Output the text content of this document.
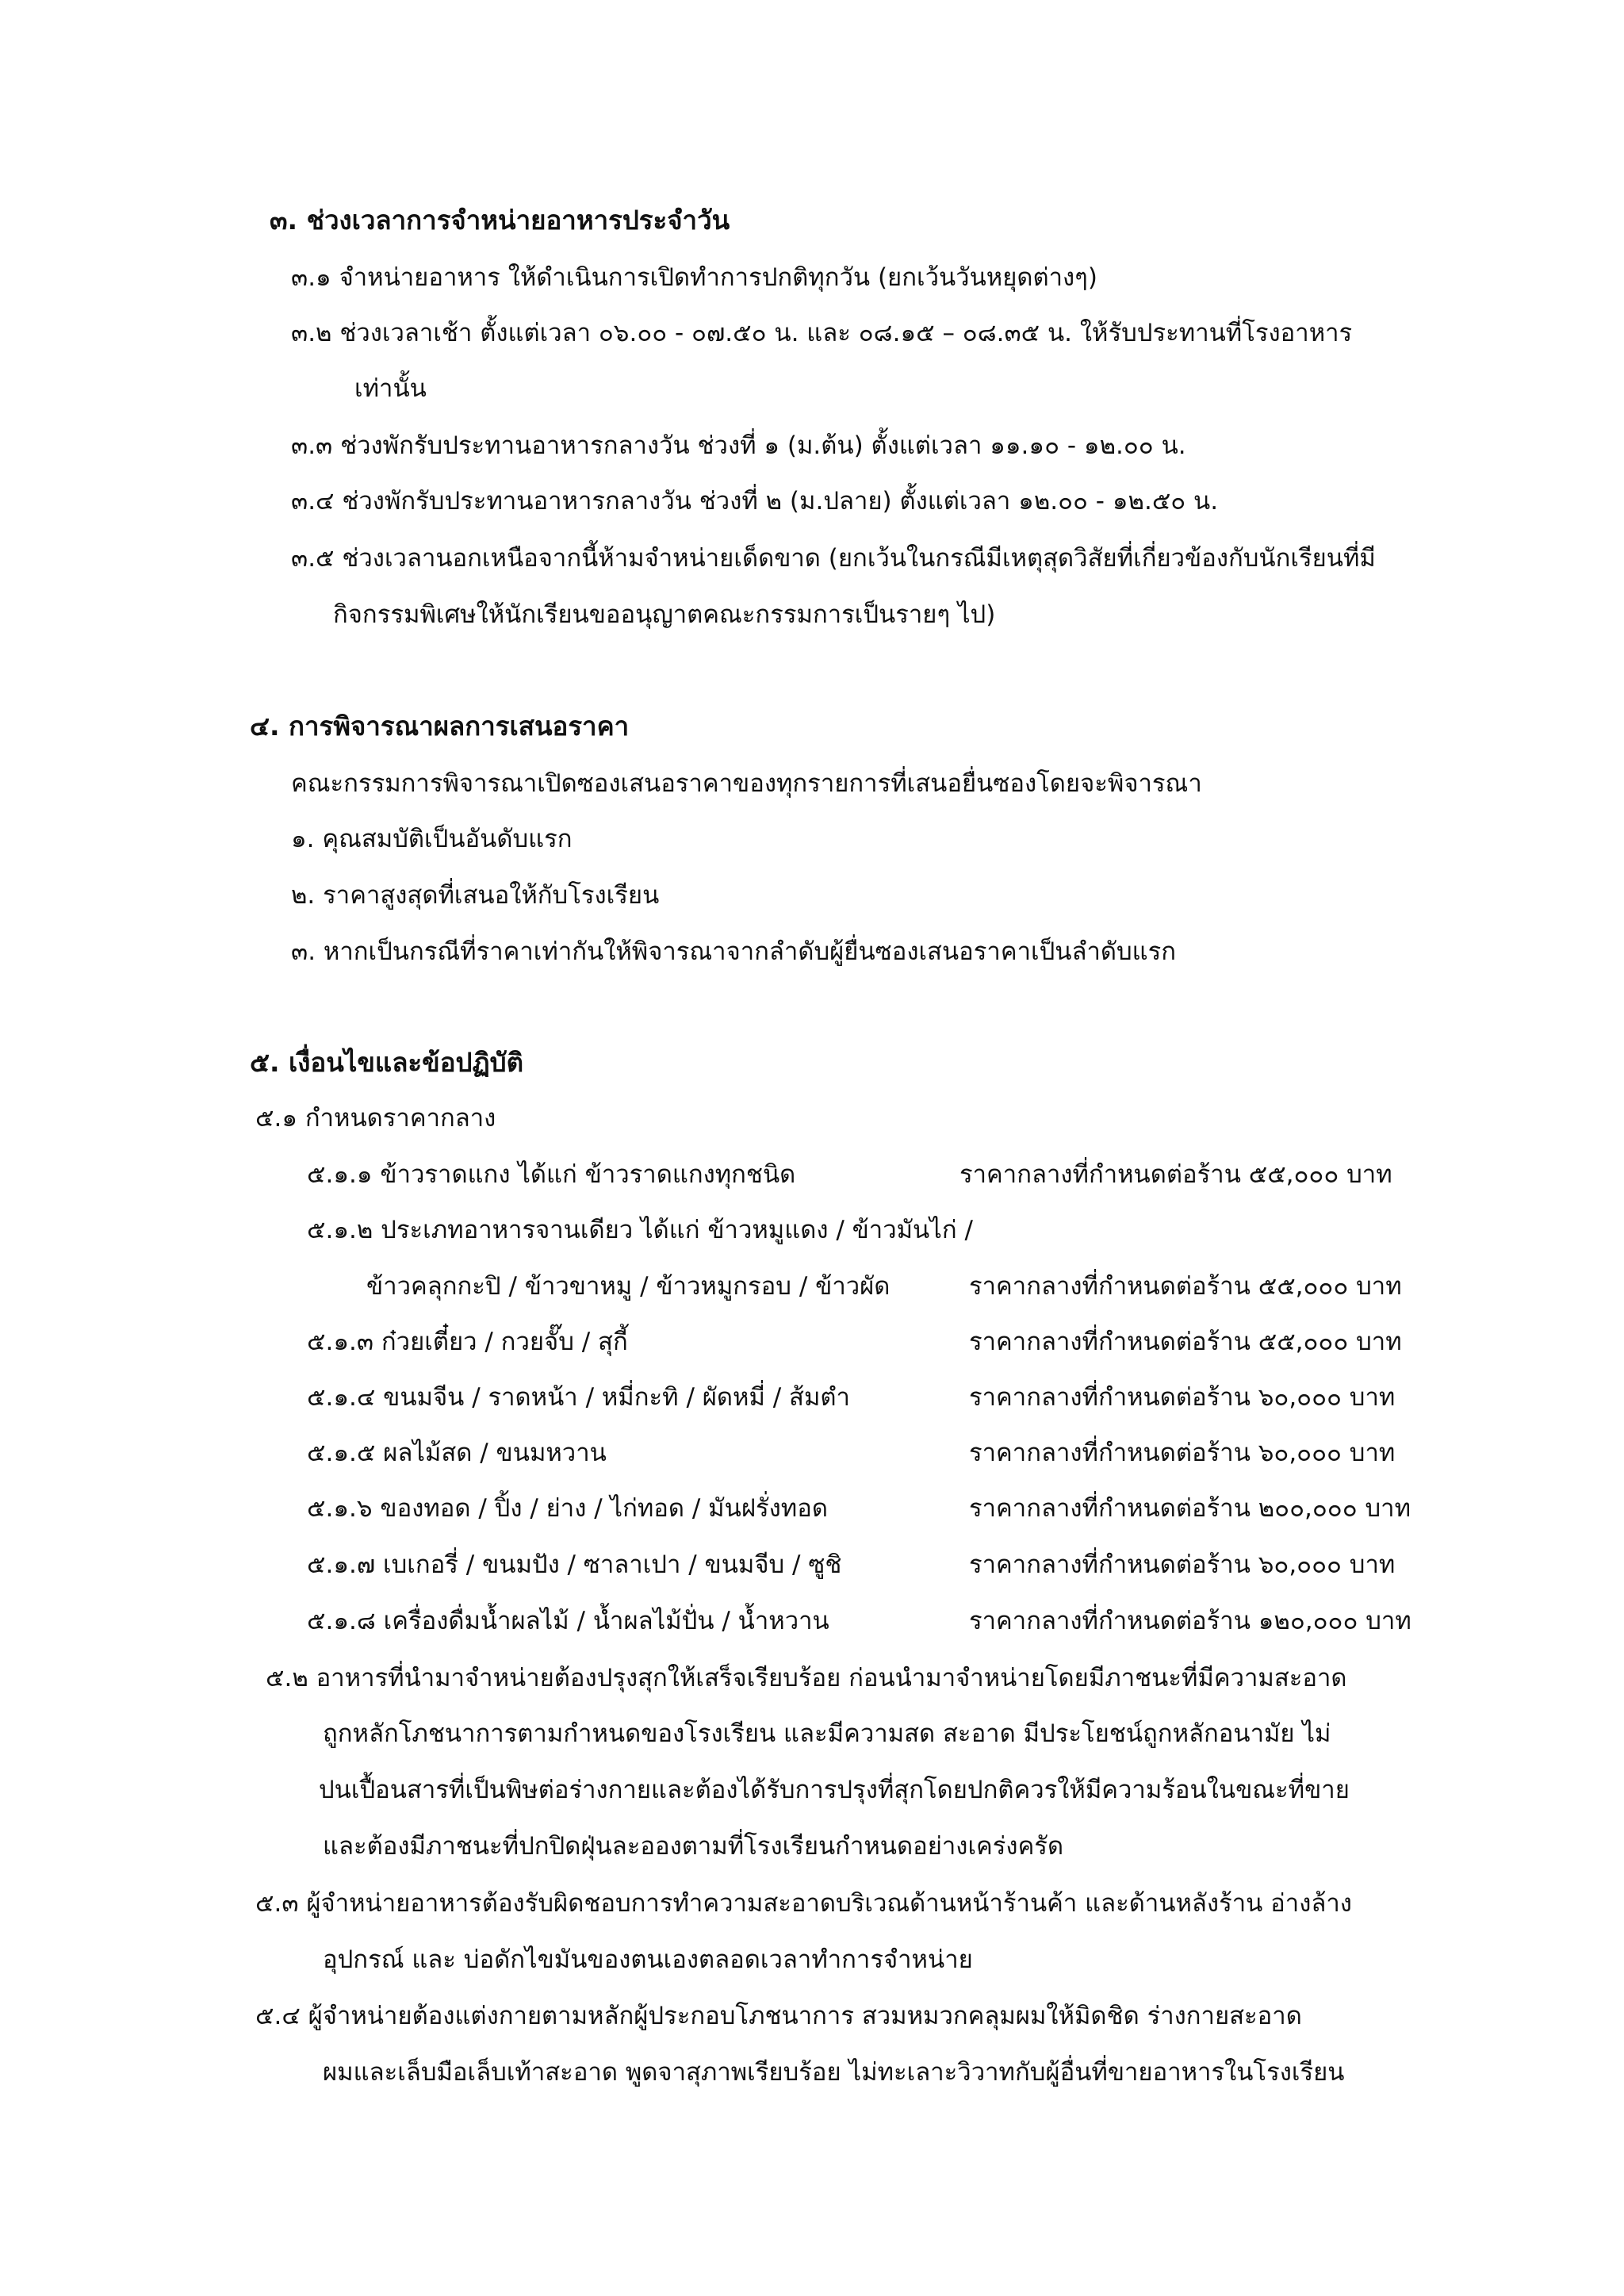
๓. ช่วงเวลาการจำหน่ายอาหารประจำวัน
๓.๑ จำหน่ายอาหาร ให้ดำเนินการเปิดทำการปกติทุกวัน (ยกเว้นวันหยุดต่างๆ)
๓.๒ ช่วงเวลาเช้า ตั้งแต่เวลา ๐๖.๐๐ - ๐๗.๕๐ น. และ ๐๘.๑๕ – ๐๘.๓๕ น. ให้รับประทานที่โรงอาหาร
เท่านั้น
๓.๓ ช่วงพักรับประทานอาหารกลางวัน ช่วงที่ ๑ (ม.ต้น) ตั้งแต่เวลา ๑๑.๑๐ - ๑๒.๐๐ น.
๓.๔ ช่วงพักรับประทานอาหารกลางวัน ช่วงที่ ๒ (ม.ปลาย) ตั้งแต่เวลา ๑๒.๐๐ - ๑๒.๕๐ น.
๓.๕ ช่วงเวลานอกเหนือจากนี้ห้ามจำหน่ายเด็ดขาด (ยกเว้นในกรณีมีเหตุสุดวิสัยที่เกี่ยวข้องกับนักเรียนที่มี
กิจกรรมพิเศษให้นักเรียนขออนุญาตคณะกรรมการเป็นรายๆ ไป)
๔. การพิจารณาผลการเสนอราคา
คณะกรรมการพิจารณาเปิดซองเสนอราคาของทุกรายการที่เสนอยื่นซองโดยจะพิจารณา
๑. คุณสมบัติเป็นอันดับแรก
๒. ราคาสูงสุดที่เสนอให้กับโรงเรียน
๓. หากเป็นกรณีที่ราคาเท่ากันให้พิจารณาจากลำดับผู้ยื่นซองเสนอราคาเป็นลำดับแรก
๕. เงื่อนไขและข้อปฏิบัติ
๕.๑ กำหนดราคากลาง
๕.๑.๑ ข้าวราดแกง ได้แก่ ข้าวราดแกงทุกชนิด	ราคากลางที่กำหนดต่อร้าน ๕๕,๐๐๐ บาท
๕.๑.๒ ประเภทอาหารจานเดียว ได้แก่ ข้าวหมูแดง / ข้าวมันไก่ /
ข้าวคลุกกะปิ / ข้าวขาหมู / ข้าวหมูกรอบ / ข้าวผัด	ราคากลางที่กำหนดต่อร้าน ๕๕,๐๐๐ บาท
๕.๑.๓ ก๋วยเตี๋ยว / กวยจั๊บ / สุกี้	ราคากลางที่กำหนดต่อร้าน ๕๕,๐๐๐ บาท
๕.๑.๔ ขนมจีน / ราดหน้า / หมี่กะทิ / ผัดหมี่ / ส้มตำ	ราคากลางที่กำหนดต่อร้าน ๖๐,๐๐๐ บาท
๕.๑.๕ ผลไม้สด / ขนมหวาน	ราคากลางที่กำหนดต่อร้าน ๖๐,๐๐๐ บาท
๕.๑.๖ ของทอด / ปิ้ง / ย่าง / ไก่ทอด / มันฝรั่งทอด	ราคากลางที่กำหนดต่อร้าน ๒๐๐,๐๐๐ บาท
๕.๑.๗ เบเกอรี่ / ขนมปัง / ซาลาเปา / ขนมจีบ / ซูชิ	ราคากลางที่กำหนดต่อร้าน ๖๐,๐๐๐ บาท
๕.๑.๘ เครื่องดื่มน้ำผลไม้ / น้ำผลไม้ปั่น / น้ำหวาน	ราคากลางที่กำหนดต่อร้าน ๑๒๐,๐๐๐ บาท
๕.๒ อาหารที่นำมาจำหน่ายต้องปรุงสุกให้เสร็จเรียบร้อย ก่อนนำมาจำหน่ายโดยมีภาชนะที่มีความสะอาด
ถูกหลักโภชนาการตามกำหนดของโรงเรียน และมีความสด สะอาด มีประโยชน์ถูกหลักอนามัย ไม่
ปนเปื้อนสารที่เป็นพิษต่อร่างกายและต้องได้รับการปรุงที่สุกโดยปกติควรให้มีความร้อนในขณะที่ขาย
และต้องมีภาชนะที่ปกปิดฝุ่นละอองตามที่โรงเรียนกำหนดอย่างเคร่งครัด
๕.๓ ผู้จำหน่ายอาหารต้องรับผิดชอบการทำความสะอาดบริเวณด้านหน้าร้านค้า และด้านหลังร้าน อ่างล้าง
อุปกรณ์ และ บ่อดักไขมันของตนเองตลอดเวลาทำการจำหน่าย
๕.๔ ผู้จำหน่ายต้องแต่งกายตามหลักผู้ประกอบโภชนาการ สวมหมวกคลุมผมให้มิดชิด ร่างกายสะอาด
ผมและเล็บมือเล็บเท้าสะอาด พูดจาสุภาพเรียบร้อย ไม่ทะเลาะวิวาทกับผู้อื่นที่ขายอาหารในโรงเรียน
